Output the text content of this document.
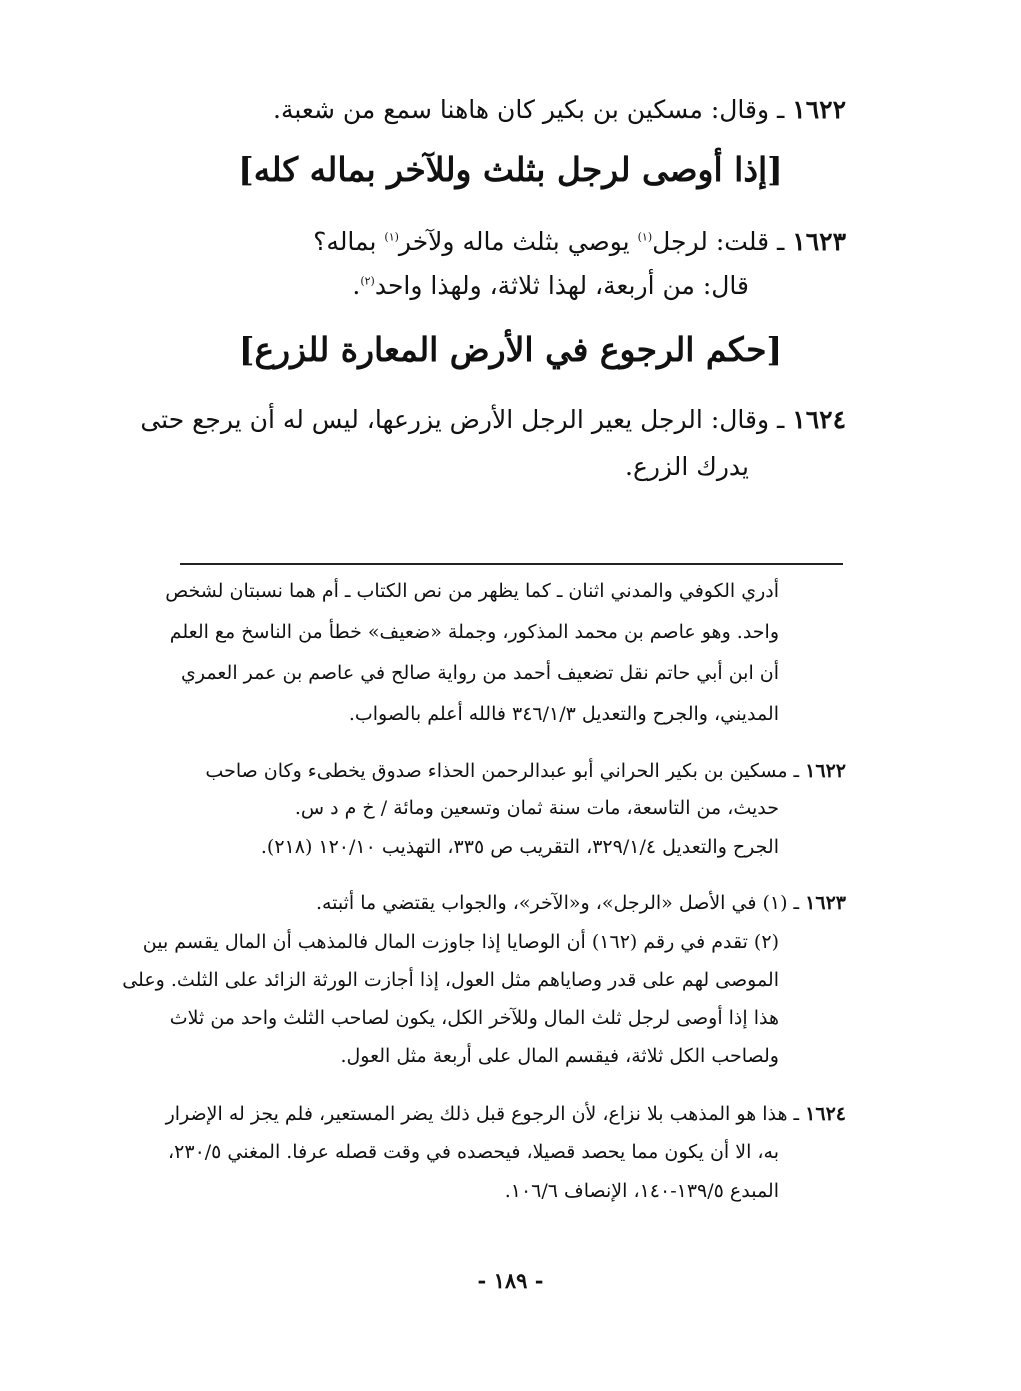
١٦٢٢ ـ وقال: مسكين بن بكير كان هاهنا سمع من شعبة.
[إذا أوصى لرجل بثلث وللآخر بماله كله]
١٦٢٣ ـ قلت: لرجل$^{(١)}$ يوصي بثلث ماله ولآخر$^{(١)}$ بماله؟
قال: من أربعة، لهذا ثلاثة، ولهذا واحد$^{(٢)}$.
[حكم الرجوع في الأرض المعارة للزرع]
١٦٢٤ ـ وقال: الرجل يعير الرجل الأرض يزرعها، ليس له أن يرجع حتى
يدرك الزرع.
أدري الكوفي والمدني اثنان ـ كما يظهر من نص الكتاب ـ أم هما نسبتان لشخص
واحد. وهو عاصم بن محمد المذكور، وجملة «ضعيف» خطأ من الناسخ مع العلم
أن ابن أبي حاتم نقل تضعيف أحمد من رواية صالح في عاصم بن عمر العمري
المديني، والجرح والتعديل ٣٤٦/١/٣ فالله أعلم بالصواب.
١٦٢٢ ـ مسكين بن بكير الحراني أبو عبدالرحمن الحذاء صدوق يخطىء وكان صاحب
حديث، من التاسعة، مات سنة ثمان وتسعين ومائة / خ م د س.
الجرح والتعديل ٣٢٩/١/٤، التقريب ص ٣٣٥، التهذيب ١٢٠/١٠ (٢١٨).
١٦٢٣ ـ (١) في الأصل «الرجل»، و«الآخر»، والجواب يقتضي ما أثبته.
(٢) تقدم في رقم (١٦٢) أن الوصايا إذا جاوزت المال فالمذهب أن المال يقسم بين
الموصى لهم على قدر وصاياهم مثل العول، إذا أجازت الورثة الزائد على الثلث. وعلى
هذا إذا أوصى لرجل ثلث المال وللآخر الكل، يكون لصاحب الثلث واحد من ثلاث
ولصاحب الكل ثلاثة، فيقسم المال على أربعة مثل العول.
١٦٢٤ ـ هذا هو المذهب بلا نزاع، لأن الرجوع قبل ذلك يضر المستعير، فلم يجز له الإضرار
به، الا أن يكون مما يحصد قصيلا، فيحصده في وقت قصله عرفا. المغني ٢٣٠/٥،
المبدع ١٣٩/٥-١٤٠، الإنصاف ١٠٦/٦.
- ١٨٩ -
